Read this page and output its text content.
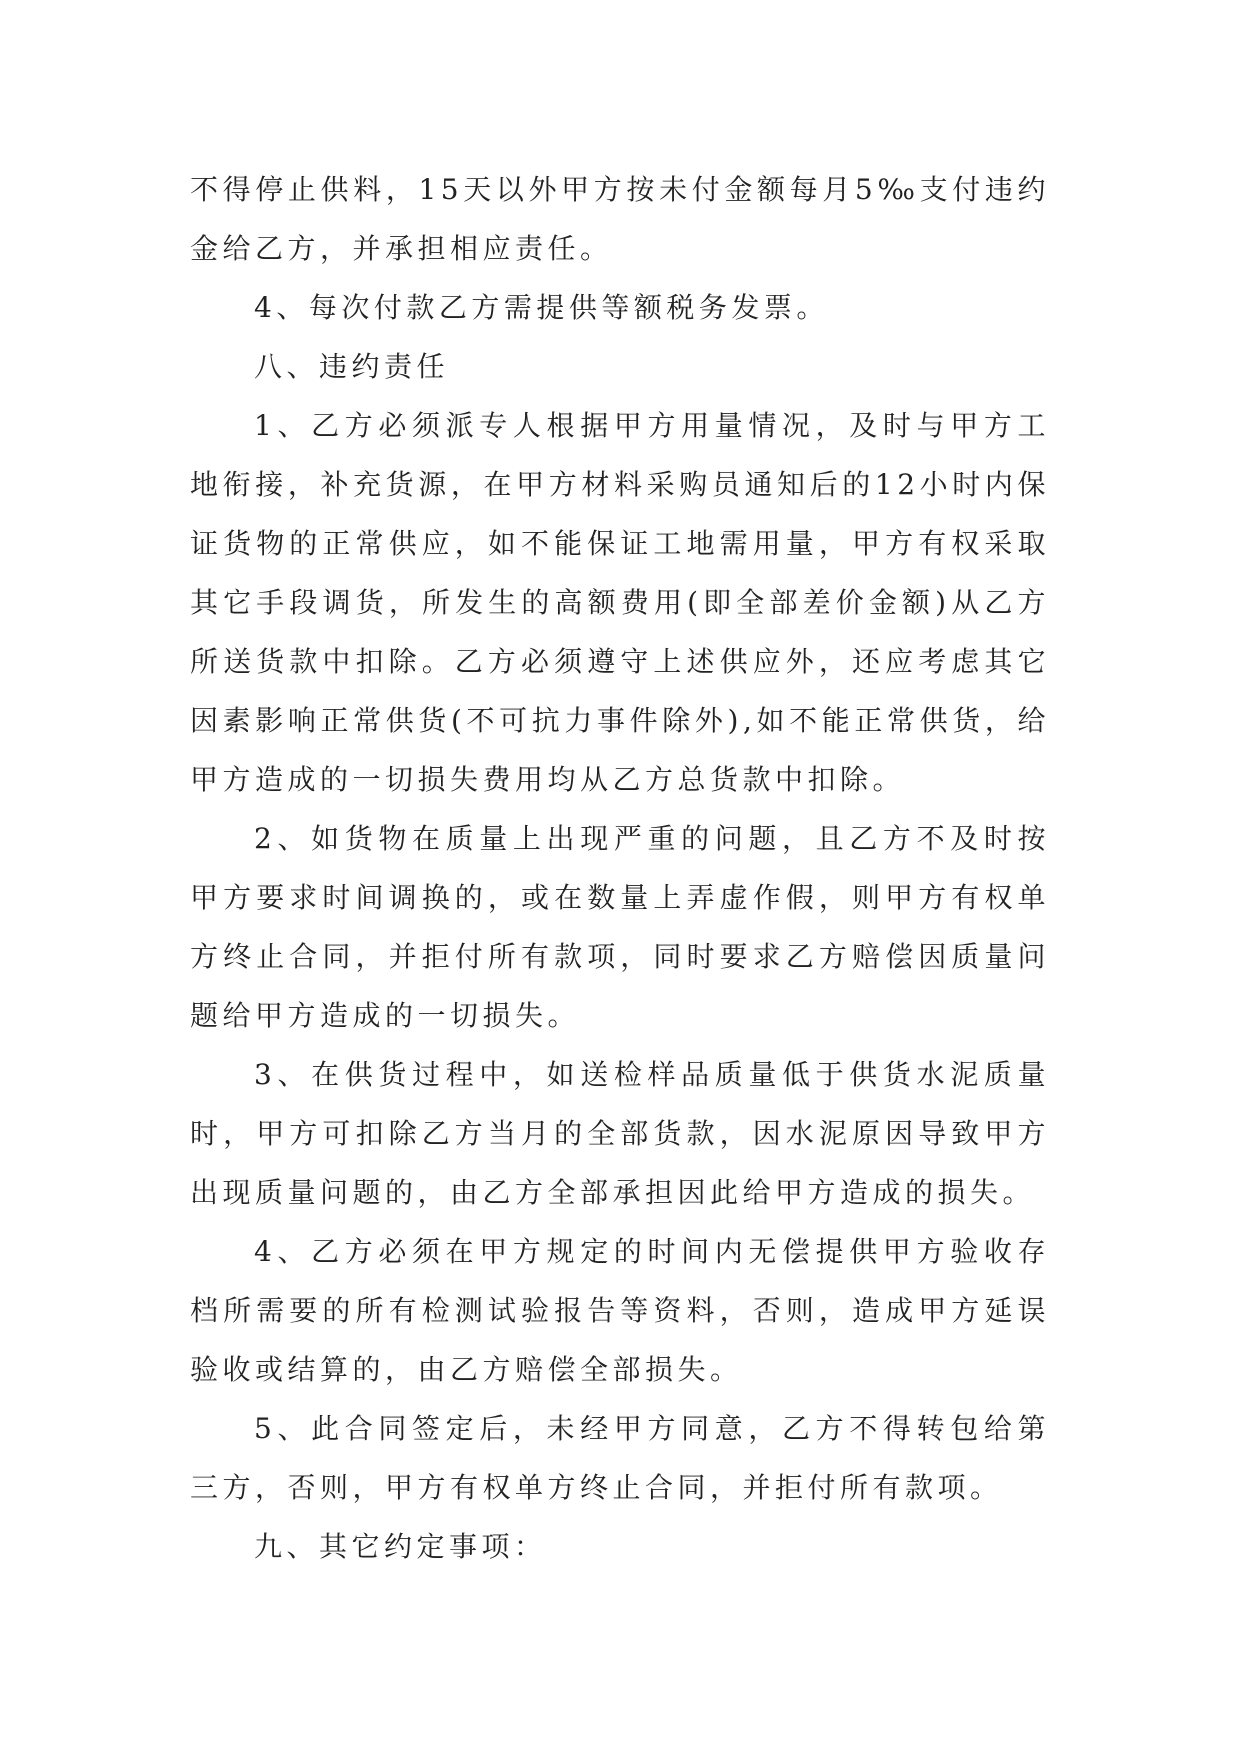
不得停止供料，15天以外甲方按未付金额每月5‰支付违约金给乙方，并承担相应责任。

4、每次付款乙方需提供等额税务发票。

八、违约责任

1、乙方必须派专人根据甲方用量情况，及时与甲方工地衔接，补充货源，在甲方材料采购员通知后的12小时内保证货物的正常供应，如不能保证工地需用量，甲方有权采取其它手段调货，所发生的高额费用(即全部差价金额)从乙方所送货款中扣除。乙方必须遵守上述供应外，还应考虑其它因素影响正常供货(不可抗力事件除外),如不能正常供货，给甲方造成的一切损失费用均从乙方总货款中扣除。

2、如货物在质量上出现严重的问题，且乙方不及时按甲方要求时间调换的，或在数量上弄虚作假，则甲方有权单方终止合同，并拒付所有款项，同时要求乙方赔偿因质量问题给甲方造成的一切损失。

3、在供货过程中，如送检样品质量低于供货水泥质量时，甲方可扣除乙方当月的全部货款，因水泥原因导致甲方出现质量问题的，由乙方全部承担因此给甲方造成的损失。

4、乙方必须在甲方规定的时间内无偿提供甲方验收存档所需要的所有检测试验报告等资料，否则，造成甲方延误验收或结算的，由乙方赔偿全部损失。

5、此合同签定后，未经甲方同意，乙方不得转包给第三方，否则，甲方有权单方终止合同，并拒付所有款项。

九、其它约定事项：
